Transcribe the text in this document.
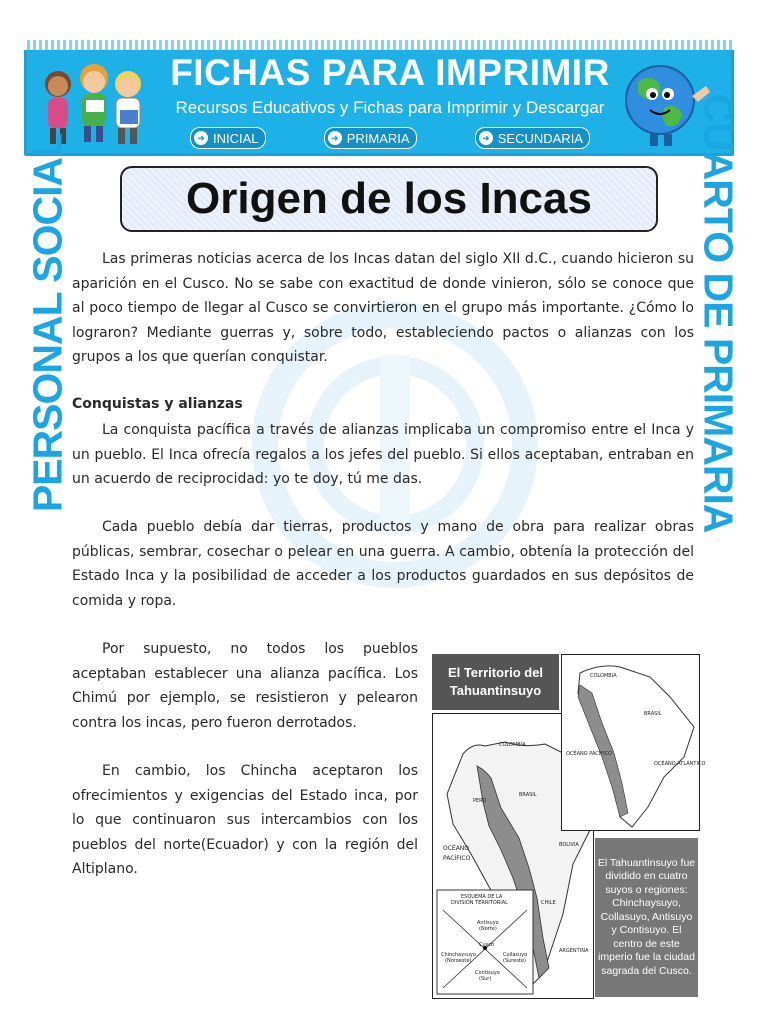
FICHAS PARA IMPRIMIR
Recursos Educativos y Fichas para Imprimir y Descargar
➜ INICIAL	➜ PRIMARIA	➜ SECUNDARIA
PERSONAL SOCIAL	CUARTO DE PRIMARIA
Origen de los Incas
Las primeras noticias acerca de los Incas datan del siglo XII d.C., cuando hicieron su aparición en el Cusco. No se sabe con exactitud de donde vinieron, sólo se conoce que al poco tiempo de llegar al Cusco se convirtieron en el grupo más importante. ¿Cómo lo lograron? Mediante guerras y, sobre todo, estableciendo pactos o alianzas con los grupos a los que querían conquistar.
Conquistas y alianzas
La conquista pacífica a través de alianzas implicaba un compromiso entre el Inca y un pueblo. El Inca ofrecía regalos a los jefes del pueblo. Si ellos aceptaban, entraban en un acuerdo de reciprocidad: yo te doy, tú me das.
Cada pueblo debía dar tierras, productos y mano de obra para realizar obras públicas, sembrar, cosechar o pelear en una guerra. A cambio, obtenía la protección del Estado Inca y la posibilidad de acceder a los productos guardados en sus depósitos de comida y ropa.
Por supuesto, no todos los pueblos aceptaban establecer una alianza pacífica. Los Chimú por ejemplo, se resistieron y pelearon contra los incas, pero fueron derrotados.
En cambio, los Chincha aceptaron los ofrecimientos y exigencias del Estado inca, por lo que continuaron sus intercambios con los pueblos del norte(Ecuador) y con la región del Altiplano.
El Territorio del
Tahuantinsuyo
COLOMBIA
BRASIL
BOLIVIA
CHILE
ARGENTINA
PERÚ
OCÉANO
PACÍFICO
ESQUEMA DE LA
DIVISIÓN TERRITORIAL
Cusco
Antisuyo
(Norte)
Chinchaysuyo
(Noroeste)
Collasuyo
(Sureste)
Contisuyo
(Sur)
COLOMBIA
BRASIL
OCÉANO PACÍFICO
OCÉANO ATLÁNTICO
El Tahuantinsuyo fue dividido en cuatro suyos o regiones: Chinchaysuyo, Collasuyo, Antisuyo y Contisuyo. El centro de este imperio fue la ciudad sagrada del Cusco.
